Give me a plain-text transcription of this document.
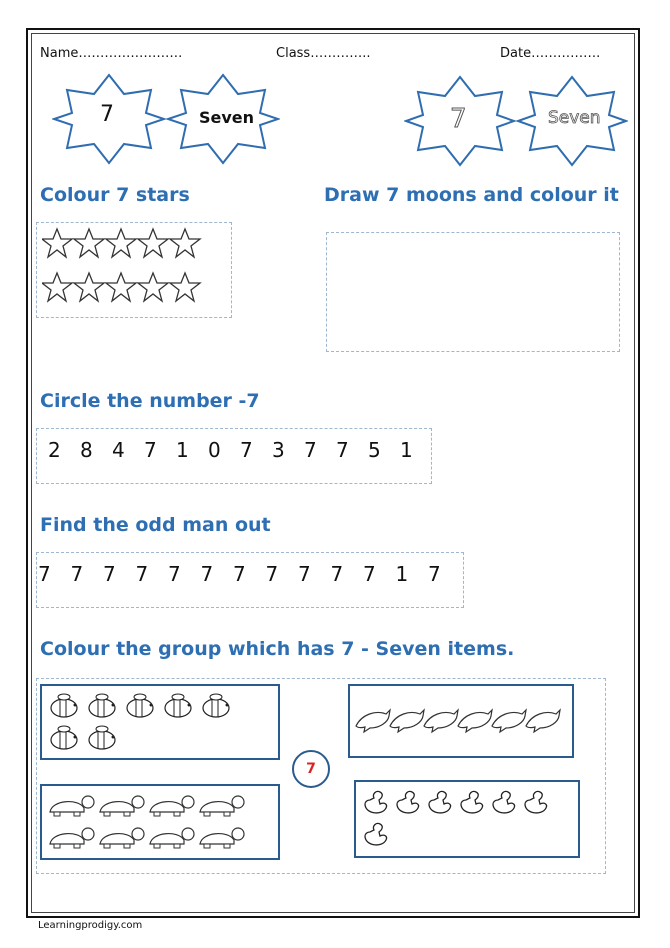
Name……………………	Class…………..	Date…………….
7	Seven	7	Seven
Colour 7 stars	Draw 7 moons and colour it
Circle the number -7
2 8 4 7 1 0 7 3 7 7 5 1
Find the odd man out
7 7 7 7 7 7 7 7 7 7 7 1 7
Colour the group which has 7 - Seven items.
7
Learningprodigy.com
